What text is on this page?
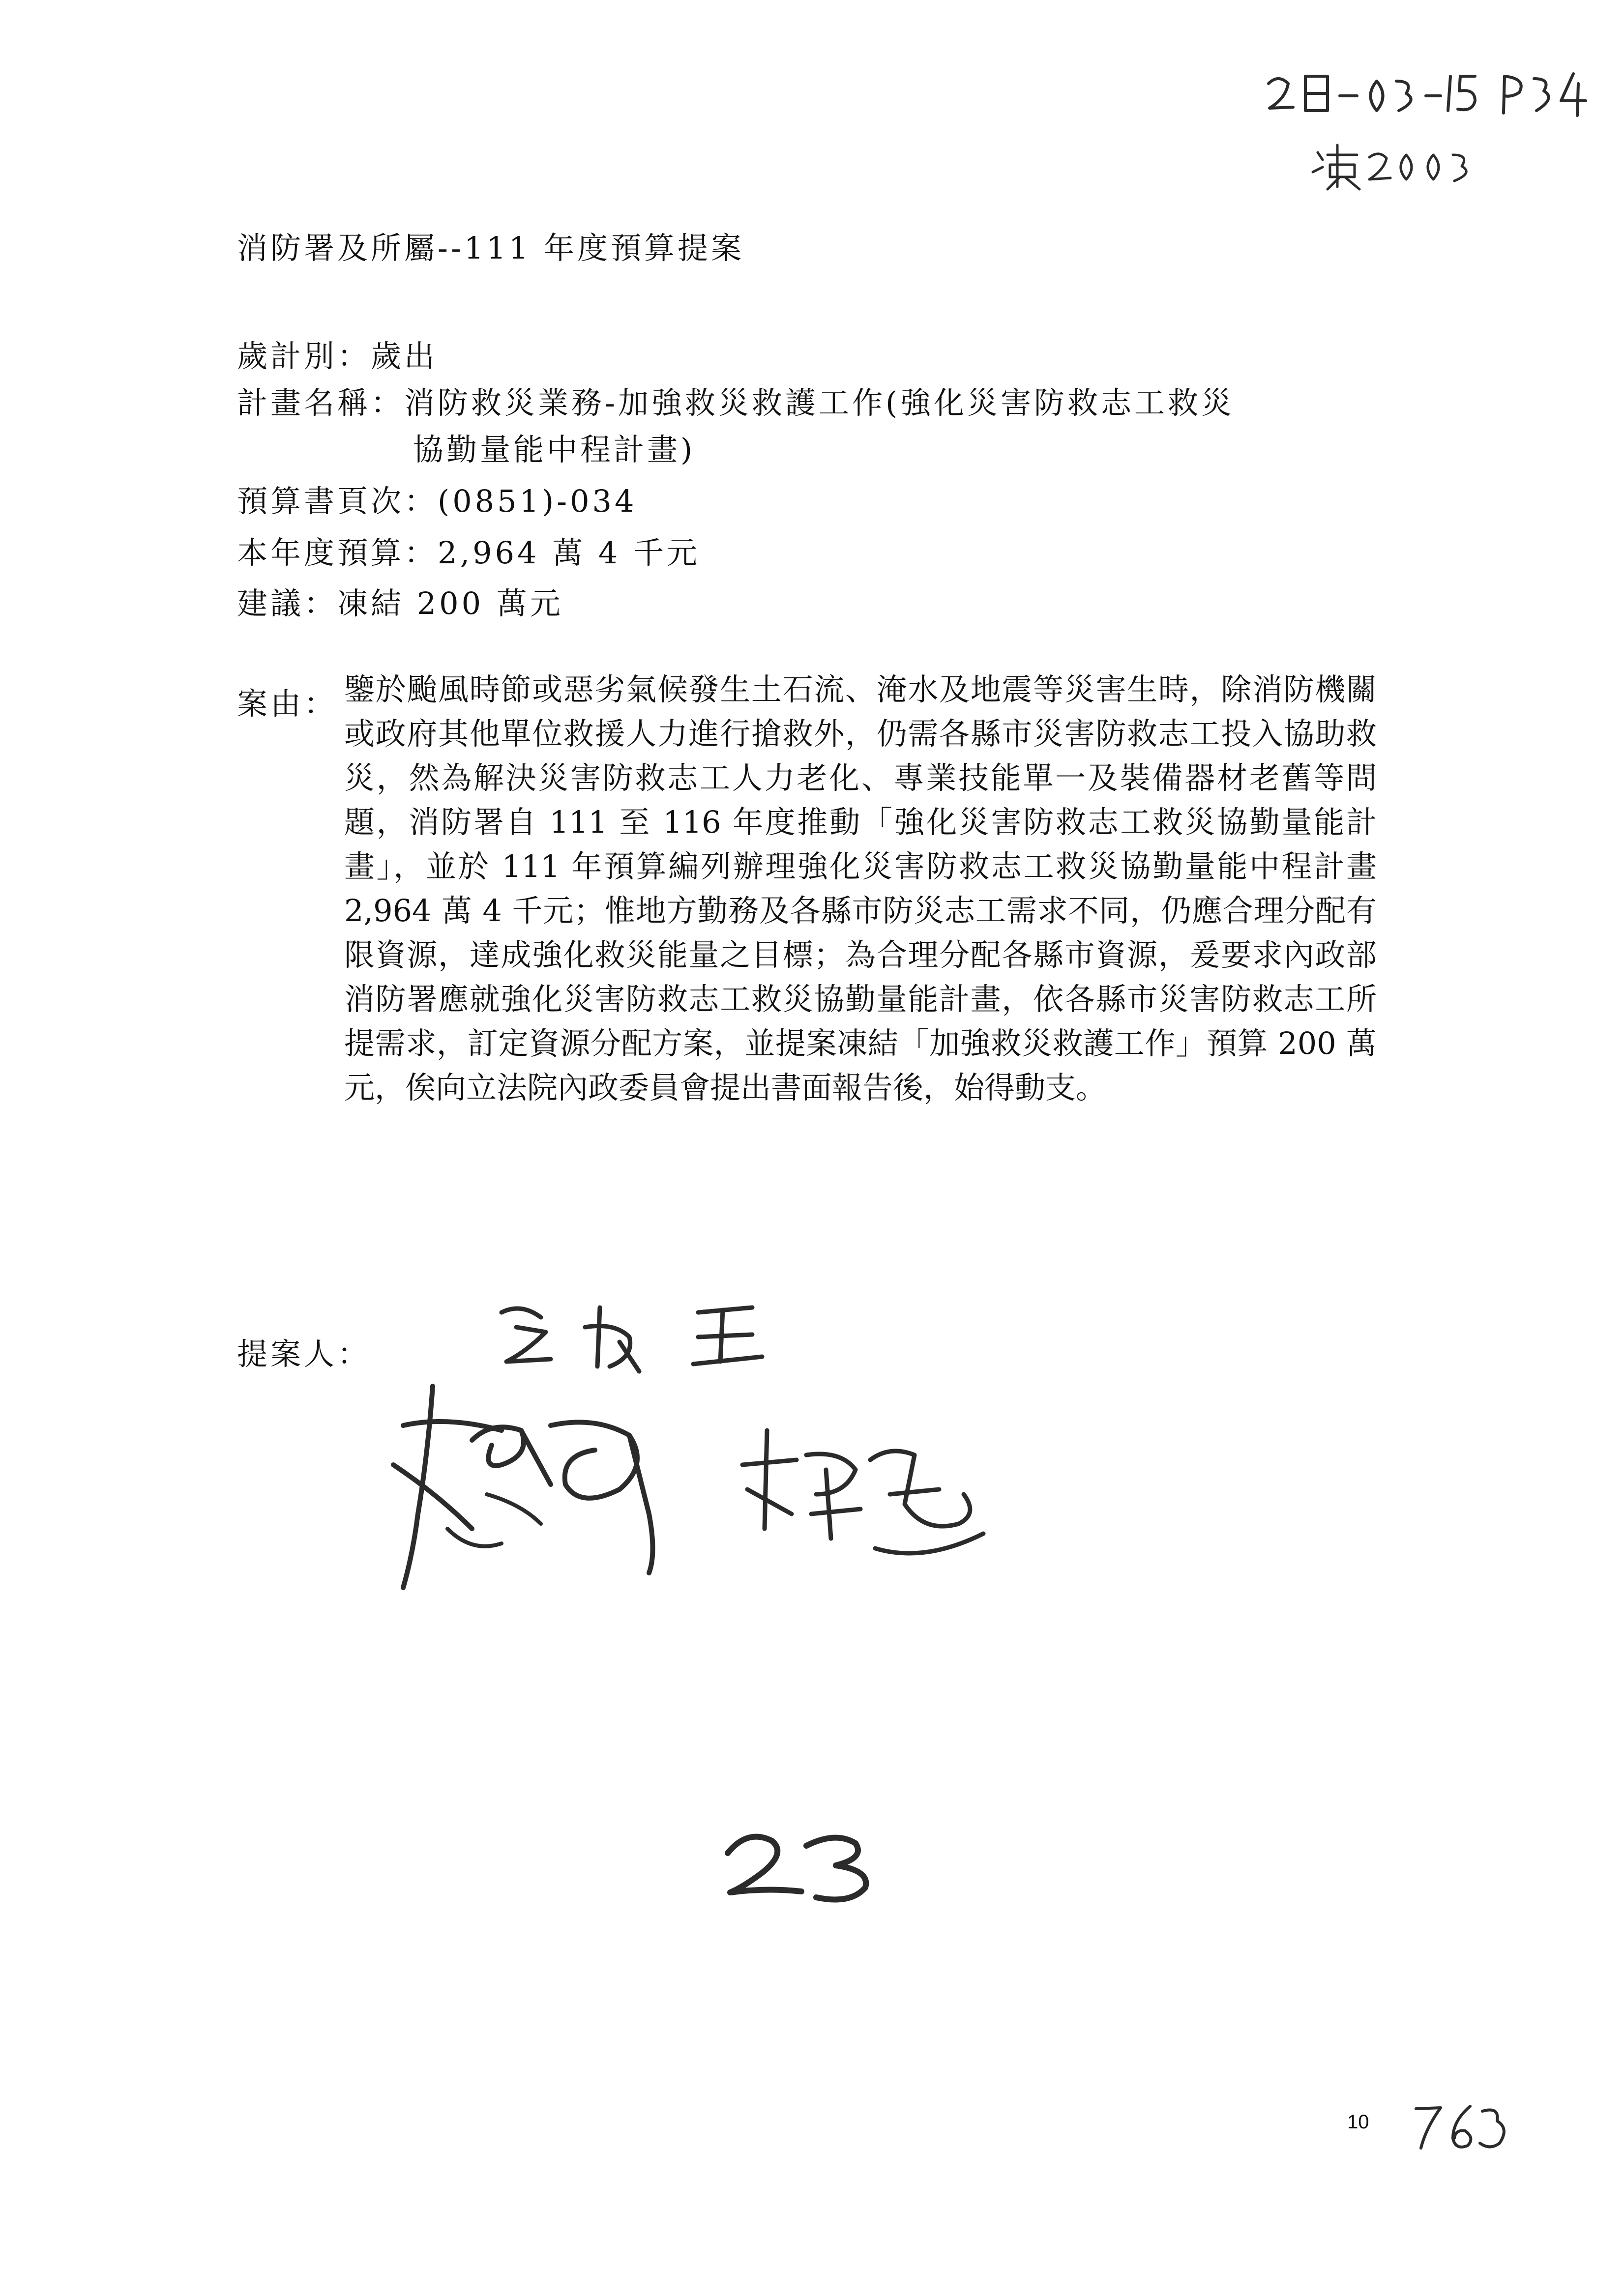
消防署及所屬--111 年度預算提案
歲計別：歲出
計畫名稱：消防救災業務-加強救災救護工作(強化災害防救志工救災
協勤量能中程計畫)
預算書頁次：(0851)-034
本年度預算：2,964 萬 4 千元
建議：凍結 200 萬元
案由： 鑒於颱風時節或惡劣氣候發生土石流、淹水及地震等災害生時，除消防機關或政府其他單位救援人力進行搶救外，仍需各縣市災害防救志工投入協助救災，然為解決災害防救志工人力老化、專業技能單一及裝備器材老舊等問題，消防署自 111 至 116 年度推動「強化災害防救志工救災協勤量能計畫」，並於 111 年預算編列辦理強化災害防救志工救災協勤量能中程計畫 2,964 萬 4 千元；惟地方勤務及各縣市防災志工需求不同，仍應合理分配有限資源，達成強化救災能量之目標；為合理分配各縣市資源，爰要求內政部消防署應就強化災害防救志工救災協勤量能計畫，依各縣市災害防救志工所提需求，訂定資源分配方案，並提案凍結「加強救災救護工作」預算 200 萬元，俟向立法院內政委員會提出書面報告後，始得動支。
提案人：
10
